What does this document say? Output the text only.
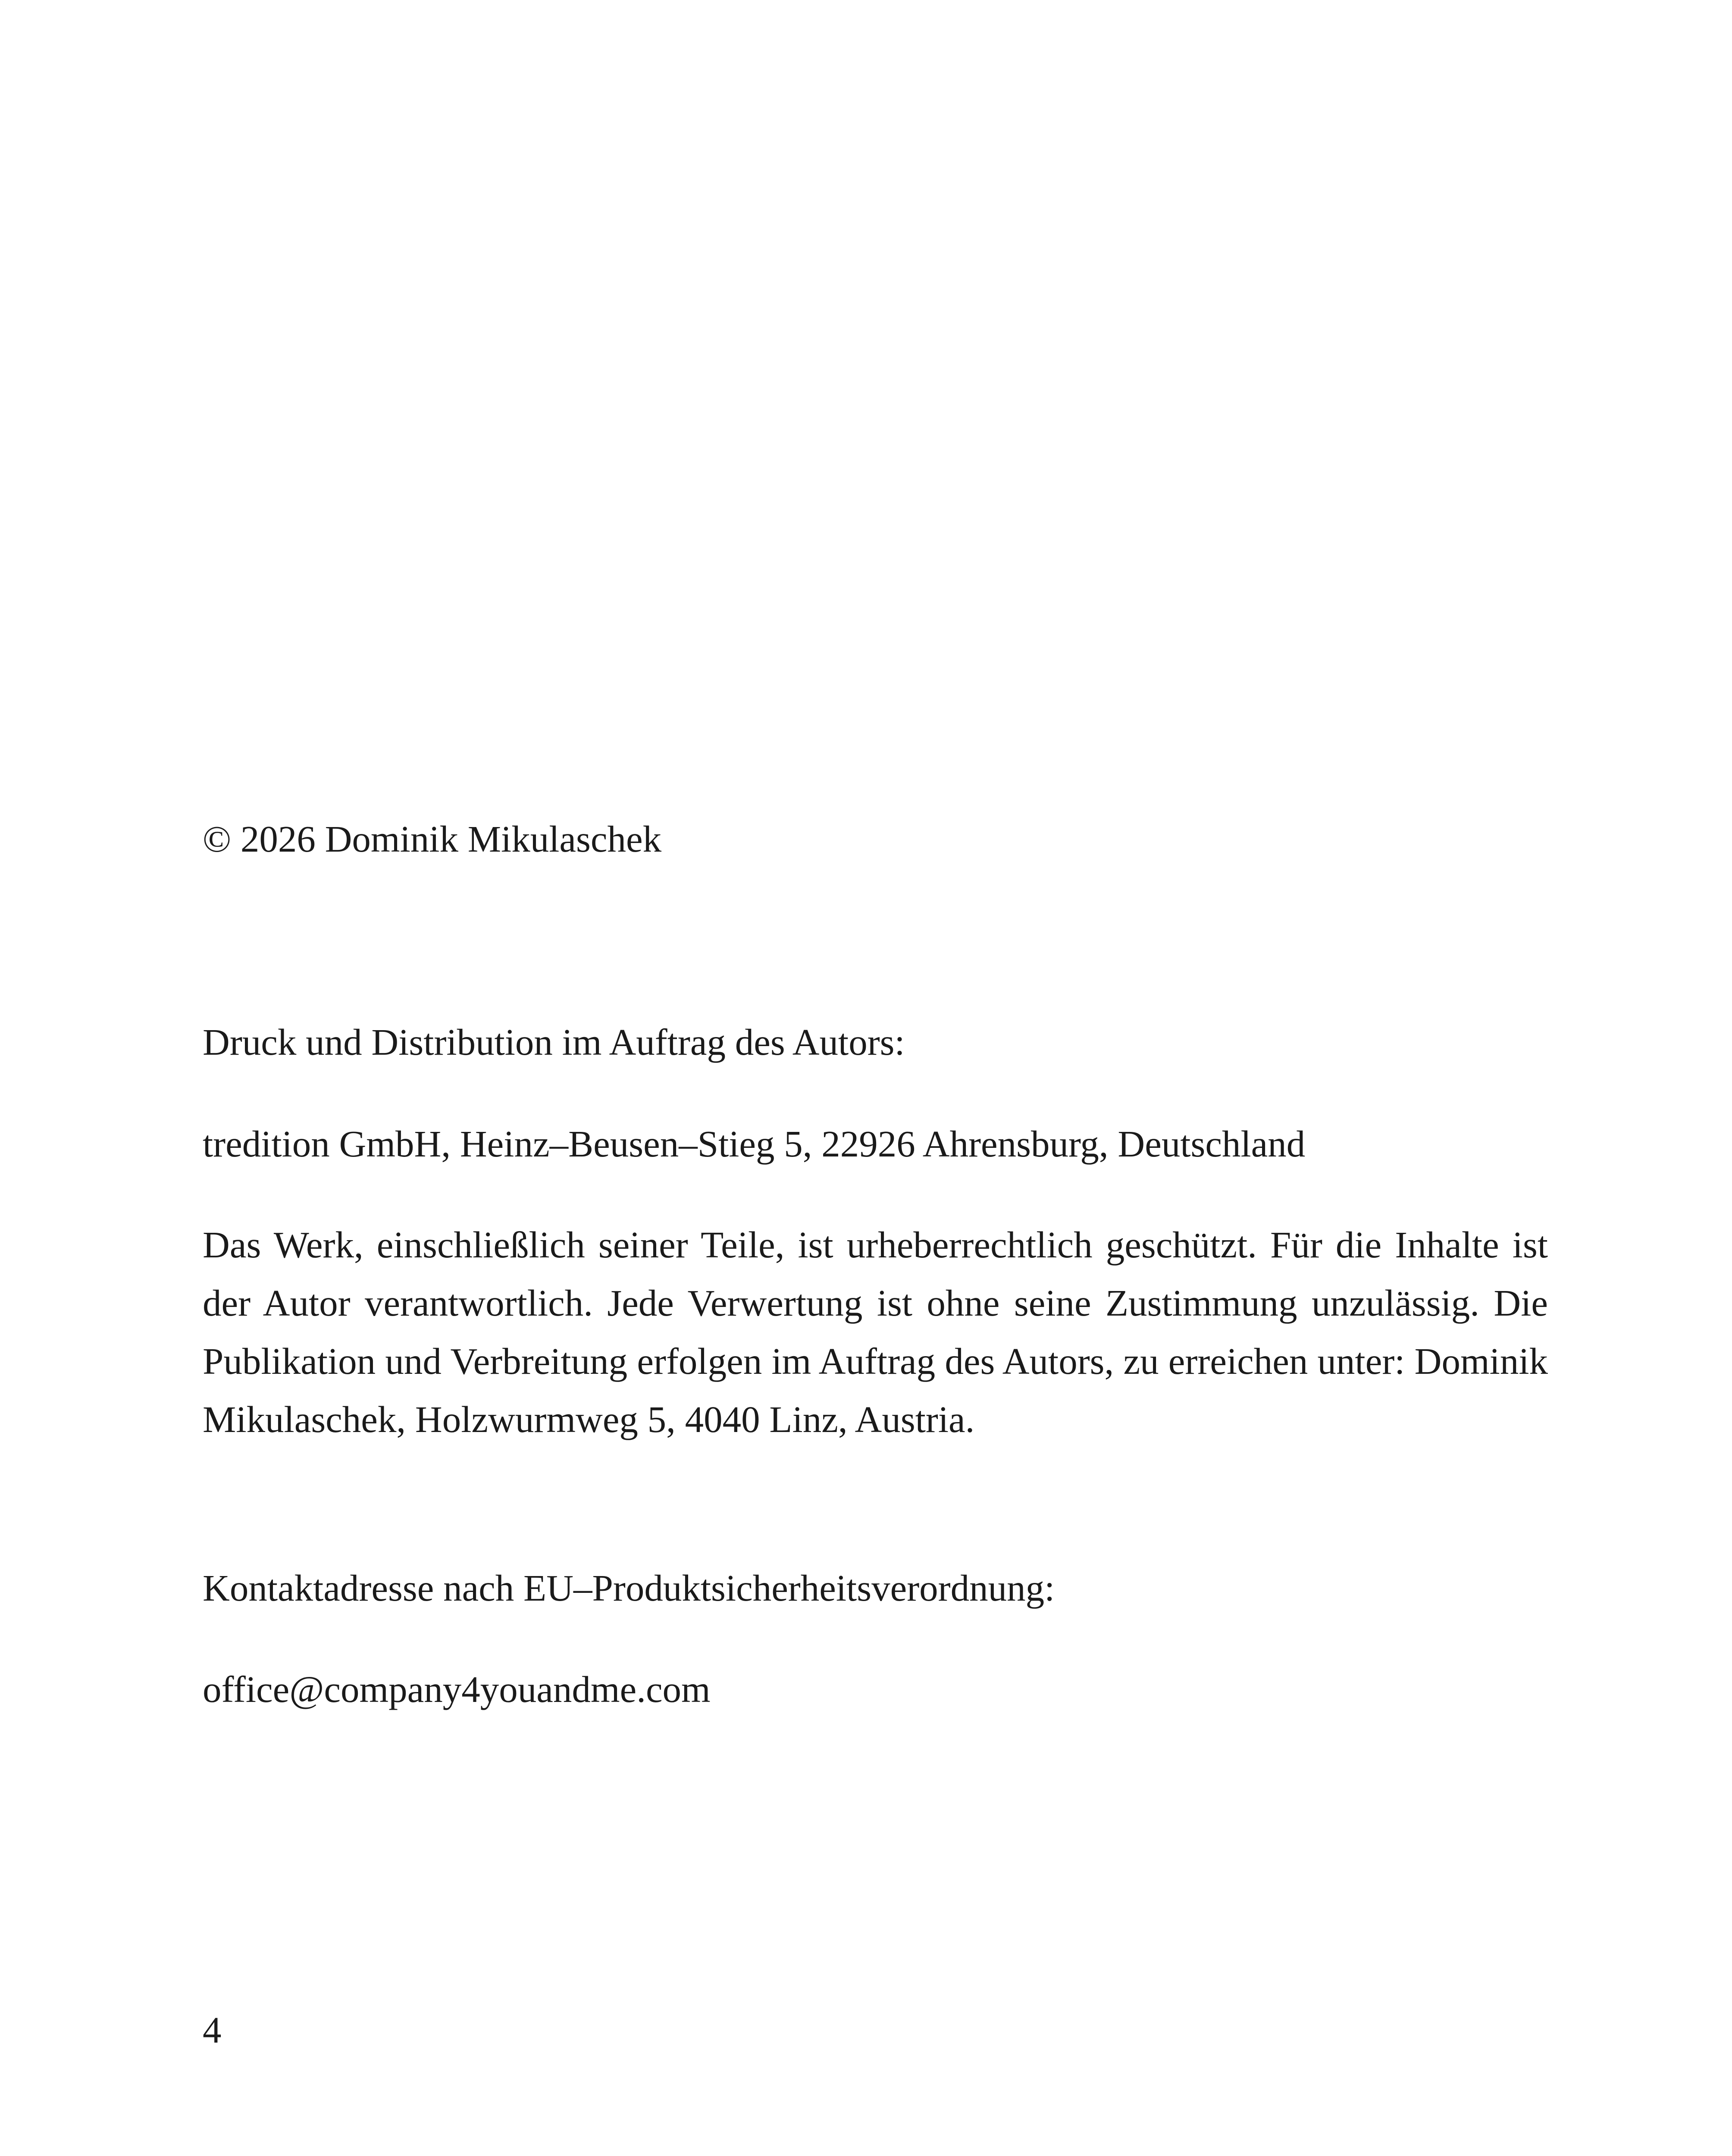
© 2026 Dominik Mikulaschek

Druck und Distribution im Auftrag des Autors:

tredition GmbH, Heinz–Beusen–Stieg 5, 22926 Ahrensburg, Deutschland

Das Werk, einschließlich seiner Teile, ist urheberrechtlich geschützt. Für die Inhalte ist der Autor verantwortlich. Jede Verwertung ist ohne seine Zustimmung unzulässig. Die Publikation und Verbreitung erfolgen im Auftrag des Autors, zu erreichen unter: Dominik Mikulaschek, Holzwurmweg 5, 4040 Linz, Austria.

Kontaktadresse nach EU–Produktsicherheitsverordnung:

office@company4youandme.com

4
